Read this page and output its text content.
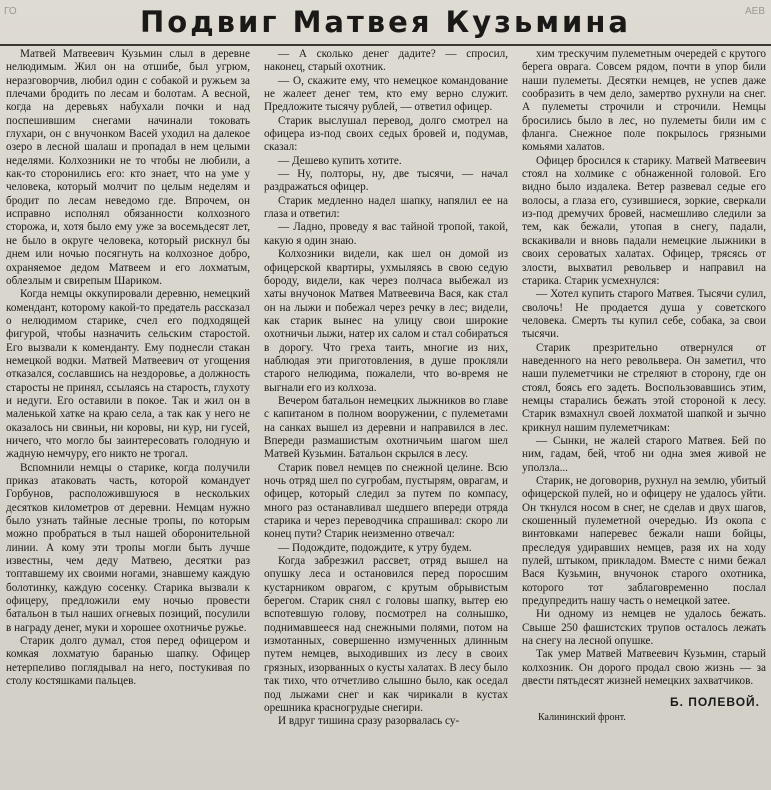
ГО	Подвиг Матвея Кузьмина	АЕВ

Матвей Матвеевич Кузьмин слыл в деревне нелюдимым. Жил он на отшибе, был угрюм, неразговорчив, любил один с собакой и ружьем за плечами бродить по лесам и болотам. А весной, когда на деревьях набухали почки и над поспешившим снегами начинали токовать глухари, он с внучонком Васей уходил на далекое озеро в лесной шалаш и пропадал в нем целыми неделями. Колхозники не то чтобы не любили, а как-то сторонились его: кто знает, что на уме у человека, который молчит по целым неделям и бродит по лесам неведомо где. Впрочем, он исправно исполнял обязанности колхозного сторожа, и, хотя было ему уже за восемьдесят лет, не было в округе человека, который рискнул бы днем или ночью посягнуть на колхозное добро, охраняемое дедом Матвеем и его лохматым, облезлым и свирепым Шариком.

Когда немцы оккупировали деревню, немецкий комендант, которому какой-то предатель рассказал о нелюдимом старике, счел его подходящей фигурой, чтобы назначить сельским старостой. Его вызвали к коменданту. Ему поднесли стакан немецкой водки. Матвей Матвеевич от угощения отказался, сославшись на нездоровье, а должность старосты не принял, ссылаясь на старость, глухоту и недуги. Его оставили в покое. Так и жил он в маленькой хатке на краю села, а так как у него не оказалось ни свиньи, ни коровы, ни кур, ни гусей, ничего, что могло бы заинтересовать голодную и жадную немчуру, его никто не трогал.

Вспомнили немцы о старике, когда получили приказ атаковать часть, которой командует Горбунов, расположившуюся в нескольких десятков километров от деревни. Немцам нужно было узнать тайные лесные тропы, по которым можно пробраться в тыл нашей оборонительной линии. А кому эти тропы могли быть лучше известны, чем деду Матвею, десятки раз топтавшему их своими ногами, знавшему каждую болотинку, каждую сосенку. Старика вызвали к офицеру, предложили ему ночью провести батальон в тыл наших огневых позиций, посулили в награду денег, муки и хорошее охотничье ружье.

Старик долго думал, стоя перед офицером и комкая лохматую баранью шапку. Офицер нетерпеливо поглядывал на него, постукивая по столу костяшками пальцев.

— А сколько денег дадите? — спросил, наконец, старый охотник.

— О, скажите ему, что немецкое командование не жалеет денег тем, кто ему верно служит. Предложите тысячу рублей, — ответил офицер.

Старик выслушал перевод, долго смотрел на офицера из-под своих седых бровей и, подумав, сказал:

— Дешево купить хотите.

— Ну, полторы, ну, две тысячи, — начал раздражаться офицер.

Старик медленно надел шапку, напялил ее на глаза и ответил:

— Ладно, проведу я вас тайной тропой, такой, какую я один знаю.

Колхозники видели, как шел он домой из офицерской квартиры, ухмыляясь в свою седую бороду, видели, как через полчаса выбежал из хаты внучонок Матвея Матвеевича Вася, как стал он на лыжи и побежал через речку в лес; видели, как старик вынес на улицу свои широкие охотничьи лыжи, натер их салом и стал собираться в дорогу. Что греха таить, многие из них, наблюдая эти приготовления, в душе прокляли старого нелюдима, пожалели, что во-время не выгнали его из колхоза.

Вечером батальон немецких лыжников во главе с капитаном в полном вооружении, с пулеметами на санках вышел из деревни и направился в лес. Впереди размашистым охотничьим шагом шел Матвей Кузьмин. Батальон скрылся в лесу.

Старик повел немцев по снежной целине. Всю ночь отряд шел по сугробам, пустырям, оврагам, и офицер, который следил за путем по компасу, много раз останавливал шедшего впереди отряда старика и через переводчика спрашивал: скоро ли конец пути? Старик неизменно отвечал:

— Подождите, подождите, к утру будем.

Когда забрезжил рассвет, отряд вышел на опушку леса и остановился перед поросшим кустарником оврагом, с крутым обрывистым берегом. Старик снял с головы шапку, вытер ею вспотевшую голову, посмотрел на солнышко, поднимавшееся над снежными полями, потом на измотанных, совершенно измученных длинным путем немцев, выходивших из лесу в своих грязных, изорванных о кусты халатах. В лесу было так тихо, что отчетливо слышно было, как оседал под лыжами снег и как чирикали в кустах орешника красногрудые снегири.

И вдруг тишина сразу разорвалась су-

хим трескучим пулеметным очередей с крутого берега оврага. Совсем рядом, почти в упор били наши пулеметы. Десятки немцев, не успев даже сообразить в чем дело, замертво рухнули на снег. А пулеметы строчили и строчили. Немцы бросились было в лес, но пулеметы били им с фланга. Снежное поле покрылось грязными комьями халатов.

Офицер бросился к старику. Матвей Матвеевич стоял на холмике с обнаженной головой. Его видно было издалека. Ветер развевал седые его волосы, а глаза его, сузившиеся, зоркие, сверкали из-под дремучих бровей, насмешливо следили за тем, как бежали, утопая в снегу, падали, вскакивали и вновь падали немецкие лыжники в своих сероватых халатах. Офицер, трясясь от злости, выхватил револьвер и направил на старика. Старик усмехнулся:

— Хотел купить старого Матвея. Тысячи сулил, сволочь! Не продается душа у советского человека. Смерть ты купил себе, собака, за свои тысячи.

Старик презрительно отвернулся от наведенного на него револьвера. Он заметил, что наши пулеметчики не стреляют в сторону, где он стоял, боясь его задеть. Воспользовавшись этим, немцы старались бежать этой стороной к лесу. Старик взмахнул своей лохматой шапкой и зычно крикнул нашим пулеметчикам:

— Сынки, не жалей старого Матвея. Бей по ним, гадам, бей, чтоб ни одна змея живой не уползла...

Старик, не договорив, рухнул на землю, убитый офицерской пулей, но и офицеру не удалось уйти. Он ткнулся носом в снег, не сделав и двух шагов, скошенный пулеметной очередью. Из окопа с винтовками наперевес бежали наши бойцы, преследуя удиравших немцев, разя их на ходу пулей, штыком, прикладом. Вместе с ними бежал Вася Кузьмин, внучонок старого охотника, которого тот заблаговременно послал предупредить нашу часть о немецкой затее.

Ни одному из немцев не удалось бежать. Свыше 250 фашистских трупов осталось лежать на снегу на лесной опушке.

Так умер Матвей Матвеевич Кузьмин, старый колхозник. Он дорого продал свою жизнь — за двести пятьдесят жизней немецких захватчиков.

Б. ПОЛЕВОЙ.
Калининский фронт.
